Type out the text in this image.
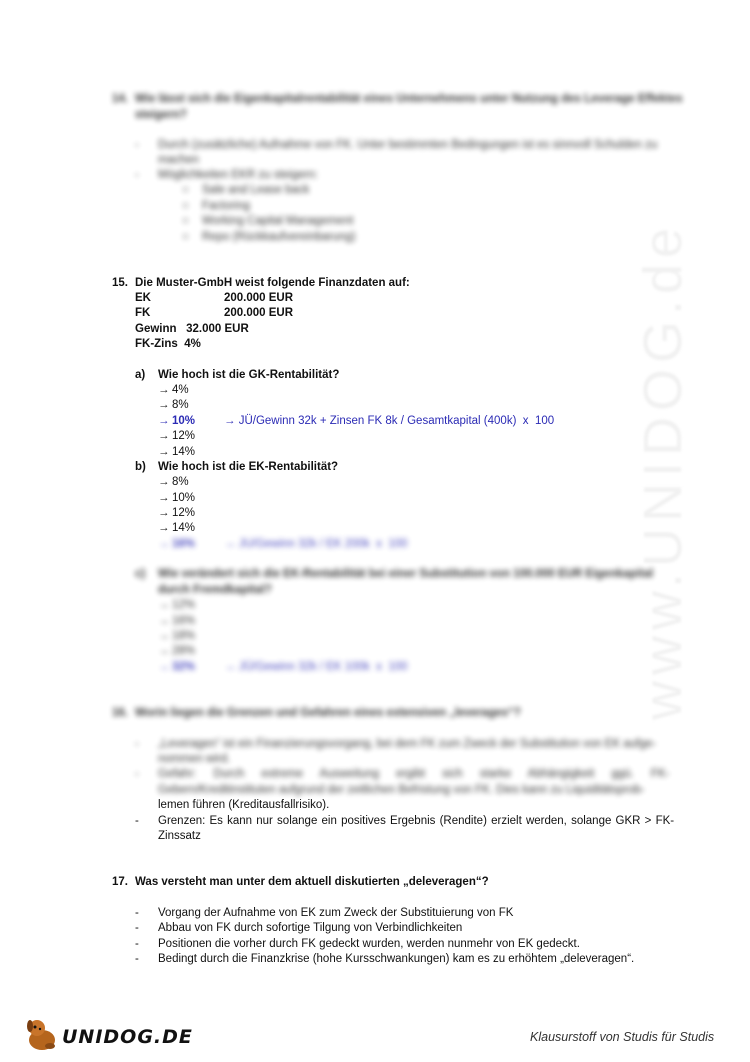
www.UNIDOG.de
14. Wie lässt sich die Eigenkapitalrentabilität eines Unternehmens unter Nutzung des Leverage Effektes
steigern?
- Durch (zusätzliche) Aufnahme von FK. Unter bestimmten Bedingungen ist es sinnvoll Schulden zu
machen
- Möglichkeiten EKR zu steigern:
○ Sale and Lease back
○ Factoring
○ Working Capital Management
○ Repo (Rückkaufvereinbarung)
15. Die Muster-GmbH weist folgende Finanzdaten auf:
EK	200.000 EUR
FK	200.000 EUR
Gewinn   32.000 EUR
FK-Zins  4%
a) Wie hoch ist die GK-Rentabilität?
→ 4%
→ 8%
→ 10%	→ JÜ/Gewinn 32k + Zinsen FK 8k / Gesamtkapital (400k)  x  100
→ 12%
→ 14%
b) Wie hoch ist die EK-Rentabilität?
→ 8%
→ 10%
→ 12%
→ 14%
→ 16%	→ JÜ/Gewinn 32k / EK 200k  x  100
c) Wie verändert sich die EK-Rentabilität bei einer Substitution von 100.000 EUR Eigenkapital
durch Fremdkapital?
→ 12%
→ 16%
→ 18%
→ 28%
→ 32%	→ JÜ/Gewinn 32k / EK 100k  x  100
16. Worin liegen die Grenzen und Gefahren eines extensiven „leverages“?
- „Leveragen“ ist ein Finanzierungsvorgang, bei dem FK zum Zweck der Substitution von EK aufge-
nommen wird.
- Gefahr: Durch extreme Ausweitung ergibt sich starke Abhängigkeit ggü. FK-
Gebern/Kreditinstituten aufgrund der zeitlichen Befristung von FK. Dies kann zu Liquiditätsprob-
lemen führen (Kreditausfallrisiko).
- Grenzen: Es kann nur solange ein positives Ergebnis (Rendite) erzielt werden, solange GKR > FK-
Zinssatz
17. Was versteht man unter dem aktuell diskutierten „deleveragen“?
- Vorgang der Aufnahme von EK zum Zweck der Substituierung von FK
- Abbau von FK durch sofortige Tilgung von Verbindlichkeiten
- Positionen die vorher durch FK gedeckt wurden, werden nunmehr von EK gedeckt.
- Bedingt durch die Finanzkrise (hohe Kursschwankungen) kam es zu erhöhtem „deleveragen“.
UNIDOG.DE	Klausurstoff von Studis für Studis
